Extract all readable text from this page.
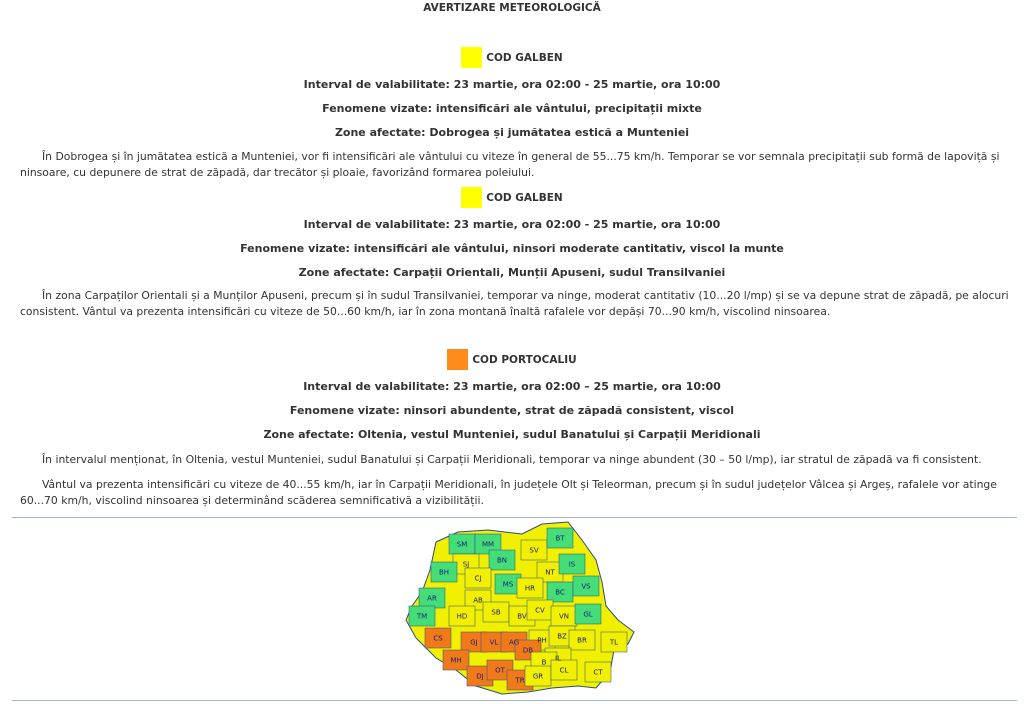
AVERTIZARE METEOROLOGICĂ
COD GALBEN
Interval de valabilitate: 23 martie, ora 02:00 - 25 martie, ora 10:00
Fenomene vizate: intensificări ale vântului, precipitații mixte
Zone afectate: Dobrogea și jumătatea estică a Munteniei
În Dobrogea și în jumătatea estică a Munteniei, vor fi intensificări ale vântului cu viteze în general de 55...75 km/h. Temporar se vor semnala precipitații sub formă de lapoviță și ninsoare, cu depunere de strat de zăpadă, dar trecător și ploaie, favorizând formarea poleiului.
COD GALBEN
Interval de valabilitate: 23 martie, ora 02:00 - 25 martie, ora 10:00
Fenomene vizate: intensificări ale vântului, ninsori moderate cantitativ, viscol la munte
Zone afectate: Carpații Orientali, Munții Apuseni, sudul Transilvaniei
În zona Carpaților Orientali și a Munților Apuseni, precum și în sudul Transilvaniei, temporar va ninge, moderat cantitativ (10...20 l/mp) și se va depune strat de zăpadă, pe alocuri consistent. Vântul va prezenta intensificări cu viteze de 50...60 km/h, iar în zona montană înaltă rafalele vor depăși 70...90 km/h, viscolind ninsoarea.
COD PORTOCALIU
Interval de valabilitate: 23 martie, ora 02:00 – 25 martie, ora 10:00
Fenomene vizate: ninsori abundente, strat de zăpadă consistent, viscol
Zone afectate: Oltenia, vestul Munteniei, sudul Banatului și Carpații Meridionali
În intervalul menționat, în Oltenia, vestul Munteniei, sudul Banatului și Carpații Meridionali, temporar va ninge abundent (30 – 50 l/mp), iar stratul de zăpadă va fi consistent.
Vântul va prezenta intensificări cu viteze de 40...55 km/h, iar în Carpații Meridionali, în județele Olt și Teleorman, precum și în sudul județelor Vâlcea și Argeș, rafalele vor atinge 60...70 km/h, viscolind ninsoarea și determinând scăderea semnificativă a vizibilității.
SM MM
SV
BT
SJ	BN
BH
CJ
NT
IS
MS HR	BC
VS
AB
AR
HD	SB BV
CV
VN GL
TM
CS	GJ VL AG	PH BZ BR	TL
MH
DB
IL
B
DJ
OT
TR GR
CL	CT
